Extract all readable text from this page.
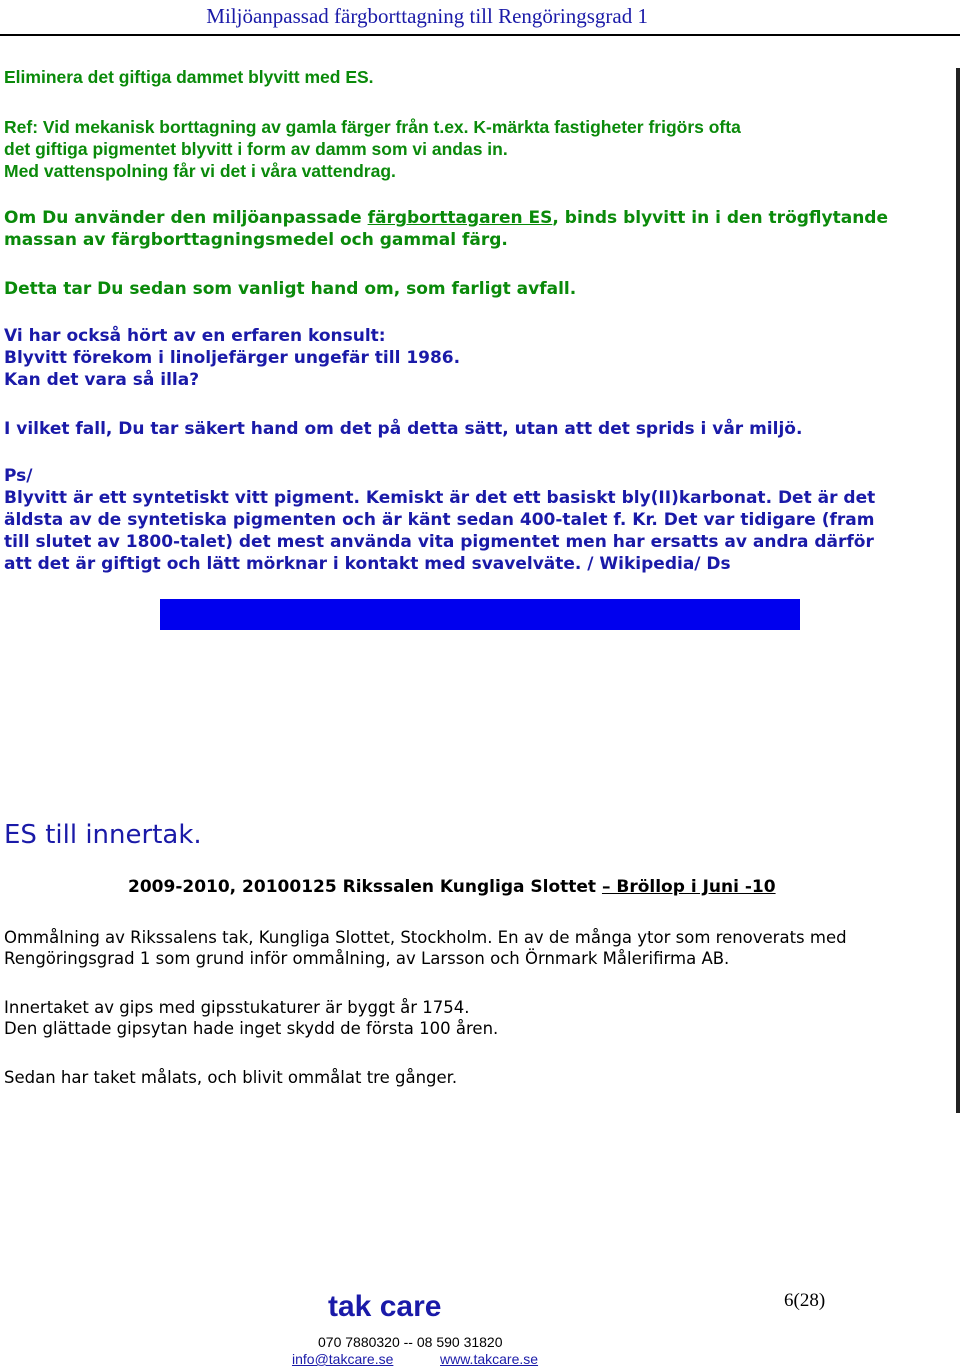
Miljöanpassad färgborttagning till Rengöringsgrad 1
Eliminera det giftiga dammet blyvitt med ES.
Ref: Vid mekanisk borttagning av gamla färger från t.ex. K-märkta fastigheter frigörs ofta
det giftiga pigmentet blyvitt i form av damm som vi andas in.
Med vattenspolning får vi det i våra vattendrag.
Om Du använder den miljöanpassade färgborttagaren ES, binds blyvitt in i den trögflytande
massan av färgborttagningsmedel och gammal färg.
Detta tar Du sedan som vanligt hand om, som farligt avfall.
Vi har också hört av en erfaren konsult:
Blyvitt förekom i linoljefärger ungefär till 1986.
Kan det vara så illa?
I vilket fall, Du tar säkert hand om det på detta sätt, utan att det sprids i vår miljö.
Ps/
Blyvitt är ett syntetiskt vitt pigment. Kemiskt är det ett basiskt bly(II)karbonat. Det är det
äldsta av de syntetiska pigmenten och är känt sedan 400-talet f. Kr. Det var tidigare (fram
till slutet av 1800-talet) det mest använda vita pigmentet men har ersatts av andra därför
att det är giftigt och lätt mörknar i kontakt med svavelväte. / Wikipedia/ Ds
ES till innertak.
2009-2010, 20100125 Rikssalen Kungliga Slottet – Bröllop i Juni -10
Ommålning av Rikssalens tak, Kungliga Slottet, Stockholm. En av de många ytor som renoverats med
Rengöringsgrad 1 som grund inför ommålning, av Larsson och Örnmark Målerifirma AB.
Innertaket av gips med gipsstukaturer är byggt år 1754.
Den glättade gipsytan hade inget skydd de första 100 åren.
Sedan har taket målats, och blivit ommålat tre gånger.
tak care
070 7880320 -- 08 590 31820
info@takcare.se	www.takcare.se
6(28)
